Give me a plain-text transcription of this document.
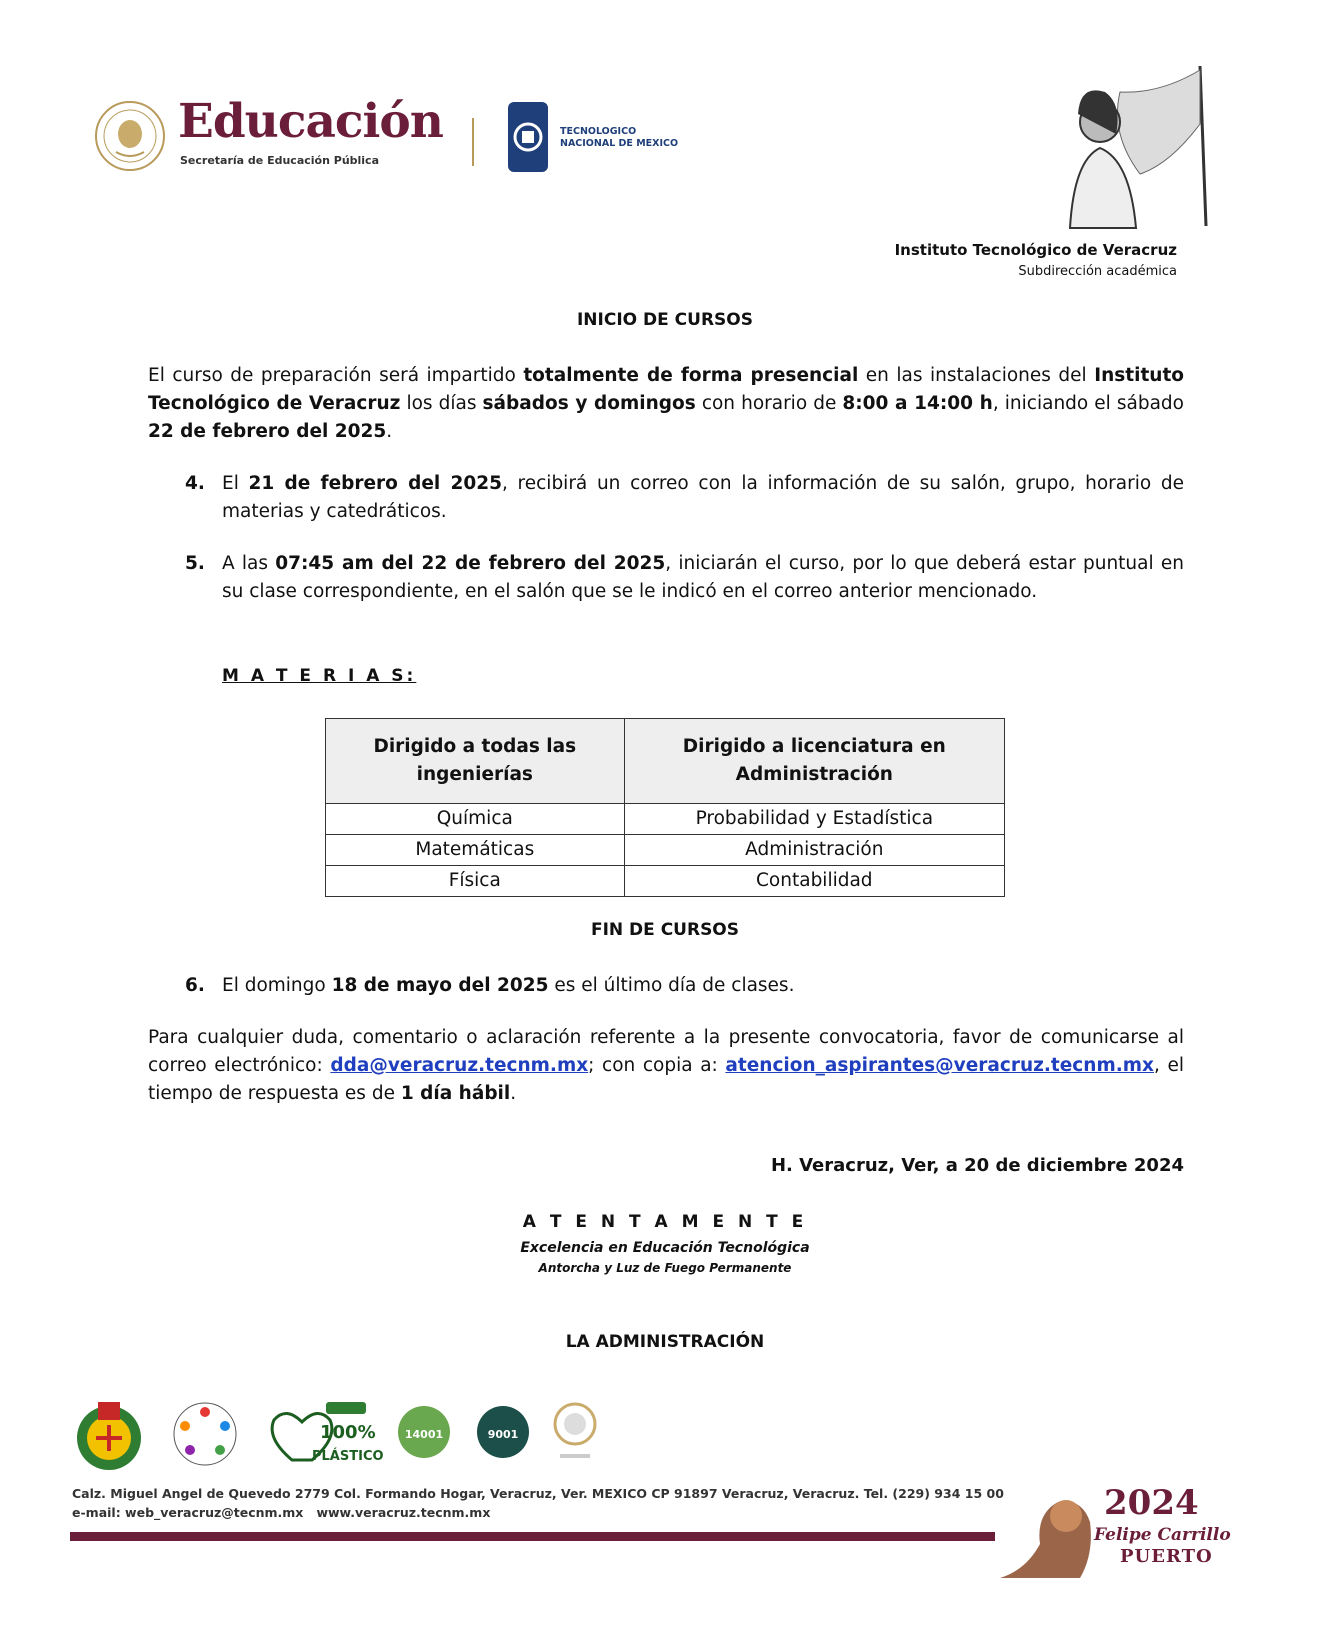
Educación
Secretaría de Educación Pública
TECNOLOGICO
NACIONAL DE MEXICO
Instituto Tecnológico de Veracruz
Subdirección académica
INICIO DE CURSOS
El curso de preparación será impartido totalmente de forma presencial en las instalaciones del Instituto Tecnológico de Veracruz los días sábados y domingos con horario de 8:00 a 14:00 h, iniciando el sábado 22 de febrero del 2025.
4. El 21 de febrero del 2025, recibirá un correo con la información de su salón, grupo, horario de materias y catedráticos.
5. A las 07:45 am del 22 de febrero del 2025, iniciarán el curso, por lo que deberá estar puntual en su clase correspondiente, en el salón que se le indicó en el correo anterior mencionado.
M A T E R I A S:
Dirigido a todas las ingenierías	Dirigido a licenciatura en Administración
Química	Probabilidad y Estadística
Matemáticas	Administración
Física	Contabilidad
FIN DE CURSOS
6. El domingo 18 de mayo del 2025 es el último día de clases.
Para cualquier duda, comentario o aclaración referente a la presente convocatoria, favor de comunicarse al correo electrónico: dda@veracruz.tecnm.mx; con copia a: atencion_aspirantes@veracruz.tecnm.mx, el tiempo de respuesta es de 1 día hábil.
H. Veracruz, Ver, a 20 de diciembre 2024
A T E N T A M E N T E
Excelencia en Educación Tecnológica
Antorcha y Luz de Fuego Permanente
LA ADMINISTRACIÓN
100%
PLÁSTICO
14001	9001
Calz. Miguel Angel de Quevedo 2779 Col. Formando Hogar, Veracruz, Ver. MEXICO CP 91897 Veracruz, Veracruz. Tel. (229) 934 15 00
e-mail: web_veracruz@tecnm.mx www.veracruz.tecnm.mx	2024
Felipe Carrillo
PUERTO
